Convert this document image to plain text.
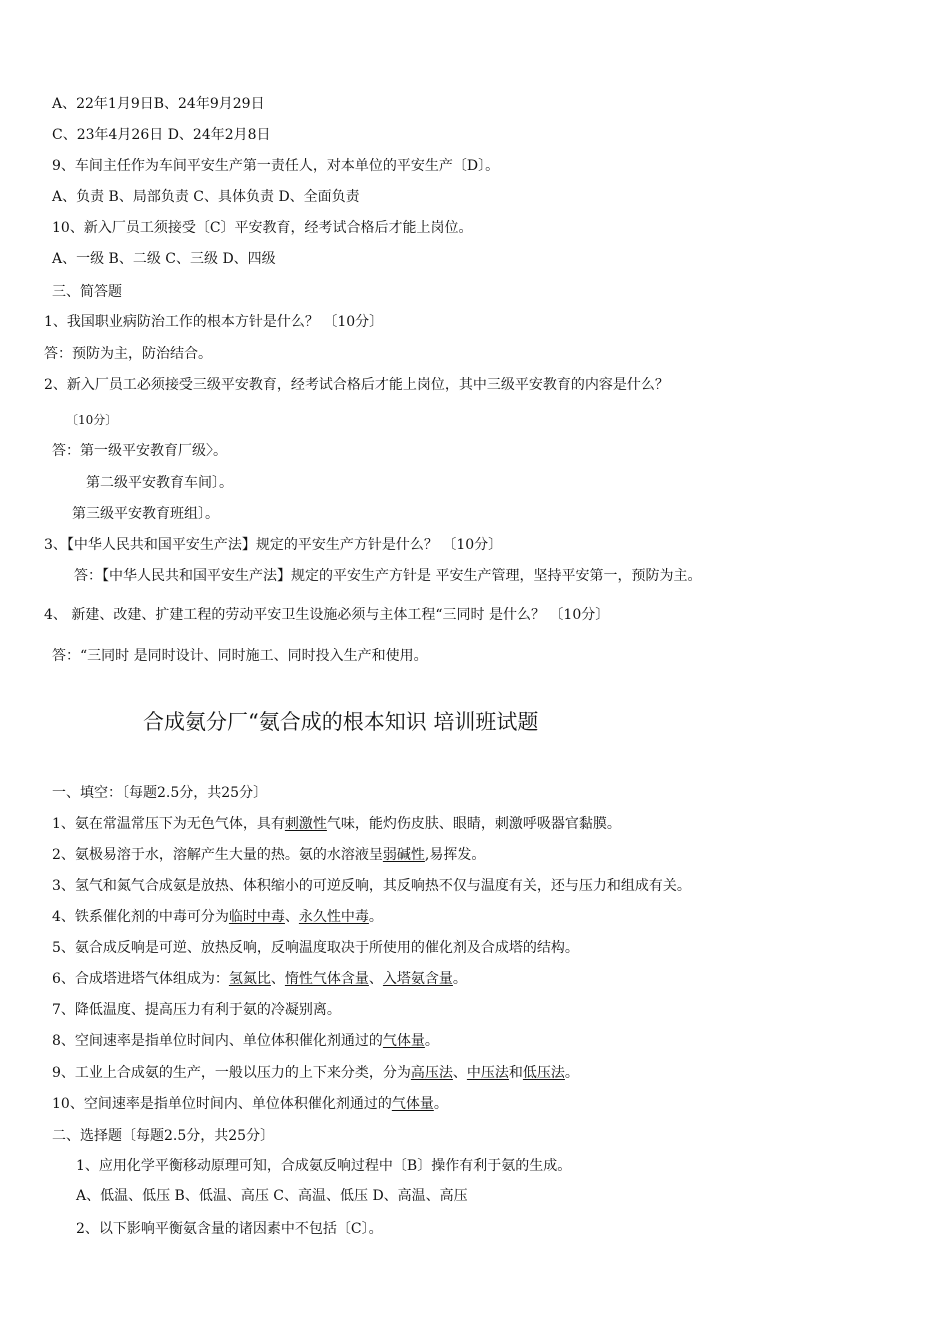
A、22年1月9日B、24年9月29日
C、23年4月26日 D、24年2月8日
9、车间主任作为车间平安生产第一责任人，对本单位的平安生产〔D〕。
A、负责 B、局部负责 C、具体负责 D、全面负责
10、新入厂员工须接受〔C〕平安教育，经考试合格后才能上岗位。
A、一级 B、二级 C、三级 D、四级
三、简答题
1、我国职业病防治工作的根本方针是什么？ 〔10分〕
答：预防为主，防治结合。
2、新入厂员工必须接受三级平安教育，经考试合格后才能上岗位，其中三级平安教育的内容是什么？
〔10分〕
答：第一级平安教育厂级〉。
第二级平安教育车间〕。
第三级平安教育班组〕。
3、【中华人民共和国平安生产法】规定的平安生产方针是什么？ 〔10分〕
答：【中华人民共和国平安生产法】规定的平安生产方针是 平安生产管理，坚持平安第一，预防为主。
4、 新建、改建、扩建工程的劳动平安卫生设施必须与主体工程“三同时 是什么？ 〔10分〕
答：“三同时 是同时设计、同时施工、同时投入生产和使用。
合成氨分厂“氨合成的根本知识 培训班试题
一、填空：〔每题2.5分，共25分〕
1、氨在常温常压下为无色气体，具有刺激性气味，能灼伤皮肤、眼睛，刺激呼吸器官黏膜。
2、氨极易溶于水，溶解产生大量的热。氨的水溶液呈弱碱性,易挥发。
3、氢气和氮气合成氨是放热、体积缩小的可逆反响，其反响热不仅与温度有关，还与压力和组成有关。
4、铁系催化剂的中毒可分为临时中毒、永久性中毒。
5、氨合成反响是可逆、放热反响，反响温度取决于所使用的催化剂及合成塔的结构。
6、合成塔进塔气体组成为：氢氮比、惰性气体含量、入塔氨含量。
7、降低温度、提高压力有利于氨的冷凝别离。
8、空间速率是指单位时间内、单位体积催化剂通过的气体量。
9、工业上合成氨的生产，一般以压力的上下来分类，分为高压法、中压法和低压法。
10、空间速率是指单位时间内、单位体积催化剂通过的气体量。
二、选择题〔每题2.5分，共25分〕
1、应用化学平衡移动原理可知，合成氨反响过程中〔B〕操作有利于氨的生成。
A、低温、低压 B、低温、高压 C、高温、低压 D、高温、高压
2、以下影响平衡氨含量的诸因素中不包括〔C〕。
